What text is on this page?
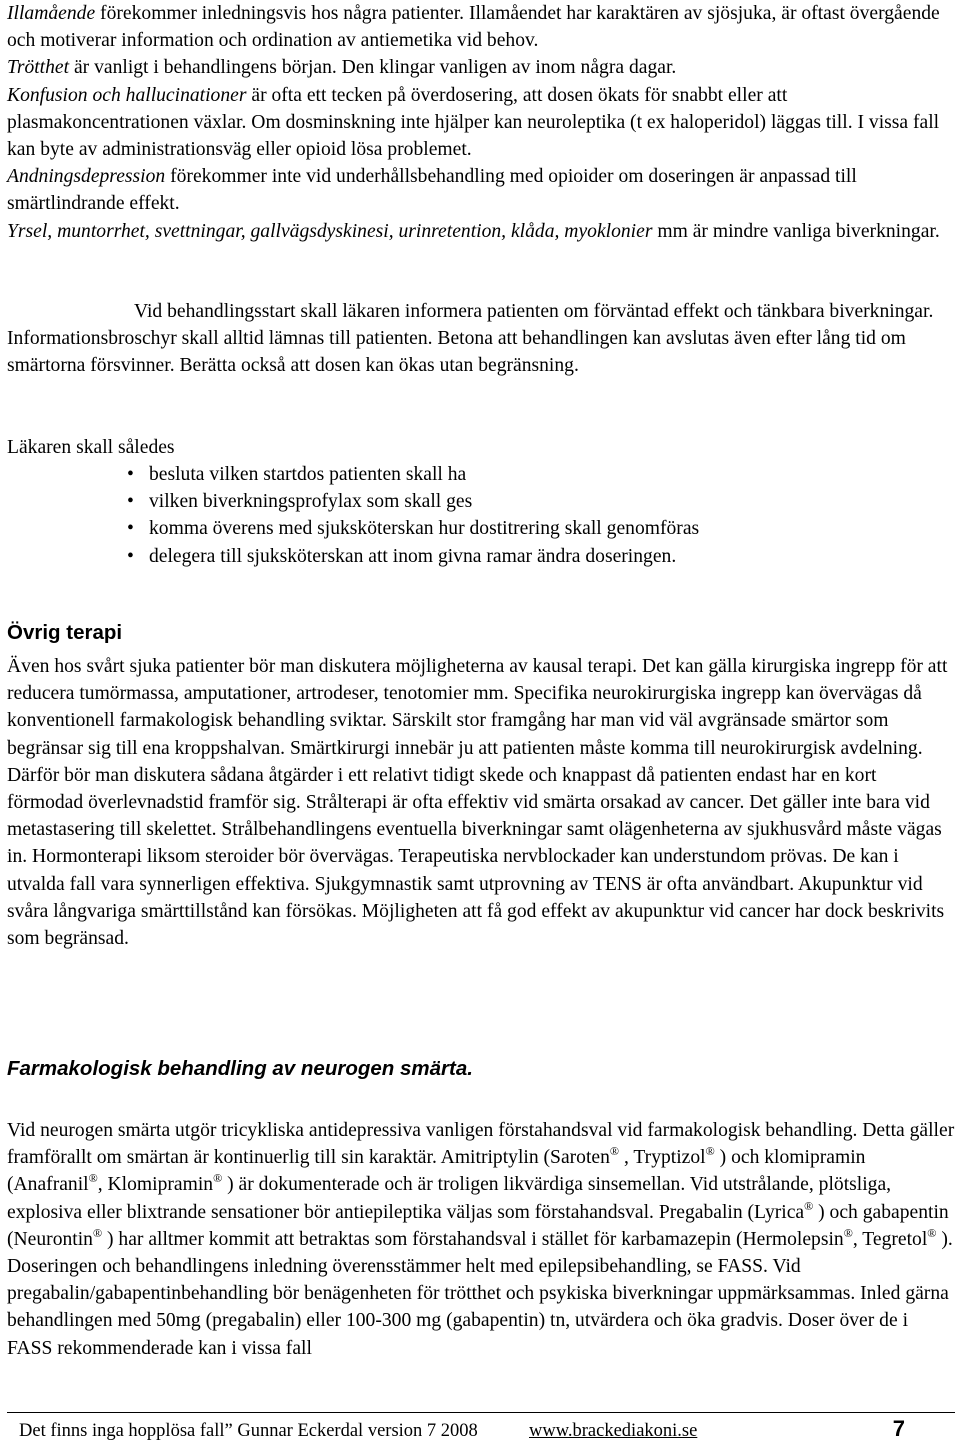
Illamående förekommer inledningsvis hos några patienter. Illamåendet har karaktären av sjösjuka, är oftast övergående och motiverar information och ordination av antiemetika vid behov.

Trötthet är vanligt i behandlingens början. Den klingar vanligen av inom några dagar.

Konfusion och hallucinationer är ofta ett tecken på överdosering, att dosen ökats för snabbt eller att plasmakoncentrationen växlar. Om dosminskning inte hjälper kan neuroleptika (t ex haloperidol) läggas till. I vissa fall kan byte av administrationsväg eller opioid lösa problemet.

Andningsdepression förekommer inte vid underhållsbehandling med opioider om doseringen är anpassad till smärtlindrande effekt.

Yrsel, muntorrhet, svettningar, gallvägsdyskinesi, urinretention, klåda, myoklonier mm är mindre vanliga biverkningar.

Vid behandlingsstart skall läkaren informera patienten om förväntad effekt och tänkbara biverkningar. Informationsbroschyr skall alltid lämnas till patienten. Betona att behandlingen kan avslutas även efter lång tid om smärtorna försvinner. Berätta också att dosen kan ökas utan begränsning.

Läkaren skall således

• besluta vilken startdos patienten skall ha
• vilken biverkningsprofylax som skall ges
• komma överens med sjuksköterskan hur dostitrering skall genomföras
• delegera till sjuksköterskan att inom givna ramar ändra doseringen.
Övrig terapi

Även hos svårt sjuka patienter bör man diskutera möjligheterna av kausal terapi. Det kan gälla kirurgiska ingrepp för att reducera tumörmassa, amputationer, artrodeser, tenotomier mm. Specifika neurokirurgiska ingrepp kan övervägas då konventionell farmakologisk behandling sviktar. Särskilt stor framgång har man vid väl avgränsade smärtor som begränsar sig till ena kroppshalvan. Smärtkirurgi innebär ju att patienten måste komma till neurokirurgisk avdelning. Därför bör man diskutera sådana åtgärder i ett relativt tidigt skede och knappast då patienten endast har en kort förmodad överlevnadstid framför sig. Strålterapi är ofta effektiv vid smärta orsakad av cancer. Det gäller inte bara vid metastasering till skelettet. Strålbehandlingens eventuella biverkningar samt olägenheterna av sjukhusvård måste vägas in. Hormonterapi liksom steroider bör övervägas. Terapeutiska nervblockader kan understundom prövas. De kan i utvalda fall vara synnerligen effektiva. Sjukgymnastik samt utprovning av TENS är ofta användbart. Akupunktur vid svåra långvariga smärttillstånd kan försökas. Möjligheten att få god effekt av akupunktur vid cancer har dock beskrivits som begränsad.

Farmakologisk behandling av neurogen smärta.

Vid neurogen smärta utgör tricykliska antidepressiva vanligen förstahandsval vid farmakologisk behandling. Detta gäller framförallt om smärtan är kontinuerlig till sin karaktär. Amitriptylin (Saroten® , Tryptizol® ) och klomipramin (Anafranil®, Klomipramin® ) är dokumenterade och är troligen likvärdiga sinsemellan. Vid utstrålande, plötsliga, explosiva eller blixtrande sensationer bör antiepileptika väljas som förstahandsval. Pregabalin (Lyrica® ) och gabapentin (Neurontin® ) har alltmer kommit att betraktas som förstahandsval i stället för karbamazepin (Hermolepsin®, Tegretol® ). Doseringen och behandlingens inledning överensstämmer helt med epilepsibehandling, se FASS. Vid pregabalin/gabapentinbehandling bör benägenheten för trötthet och psykiska biverkningar uppmärksammas. Inled gärna behandlingen med 50mg (pregabalin) eller 100-300 mg (gabapentin) tn, utvärdera och öka gradvis. Doser över de i FASS rekommenderade kan i vissa fall

Det finns inga hopplösa fall” Gunnar Eckerdal version 7 2008	www.brackediakoni.se	7
